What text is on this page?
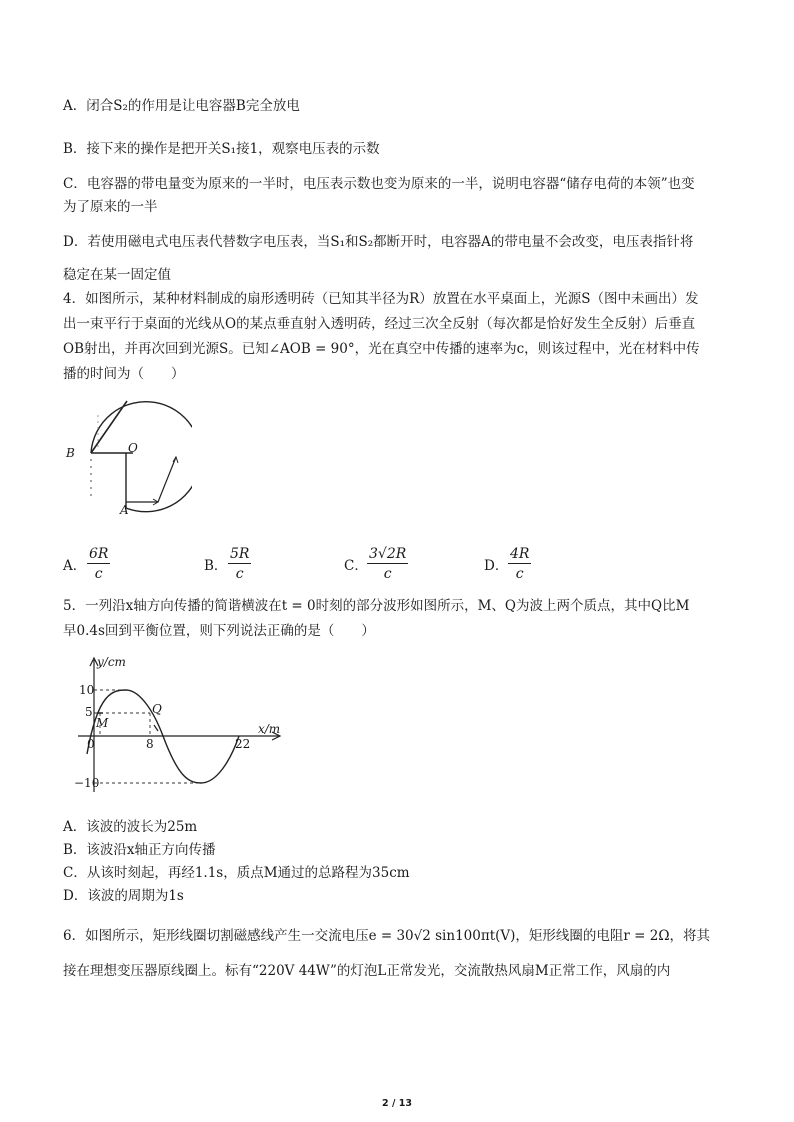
A．闭合S₂的作用是让电容器B完全放电
B．接下来的操作是把开关S₁接1，观察电压表的示数
C．电容器的带电量变为原来的一半时，电压表示数也变为原来的一半，说明电容器“储存电荷的本领”也变
为了原来的一半
D．若使用磁电式电压表代替数字电压表，当S₁和S₂都断开时，电容器A的带电量不会改变，电压表指针将
稳定在某一固定值
4．如图所示，某种材料制成的扇形透明砖（已知其半径为R）放置在水平桌面上，光源S（图中未画出）发
出一束平行于桌面的光线从O的某点垂直射入透明砖，经过三次全反射（每次都是恰好发生全反射）后垂直
OB射出，并再次回到光源S。已知∠AOB = 90°，光在真空中传播的速率为c，则该过程中，光在材料中传
播的时间为（　　）
B	O
A
A． $\frac{6R}{c}$	B． $\frac{5R}{c}$	C． $\frac{3√2R}{c}$	D． $\frac{4R}{c}$
5．一列沿x轴方向传播的简谐横波在t = 0时刻的部分波形如图所示，M、Q为波上两个质点，其中Q比M
早0.4s回到平衡位置，则下列说法正确的是（　　）
y/cm
x/m
10
5
−10
0	8	22
M
Q
A．该波的波长为25m
B．该波沿x轴正方向传播
C．从该时刻起，再经1.1s，质点M通过的总路程为35cm
D．该波的周期为1s
6．如图所示，矩形线圈切割磁感线产生一交流电压e = 30√2 sin100πt(V)，矩形线圈的电阻r = 2Ω，将其
接在理想变压器原线圈上。标有“220V 44W”的灯泡L正常发光，交流散热风扇M正常工作，风扇的内
2 / 13
